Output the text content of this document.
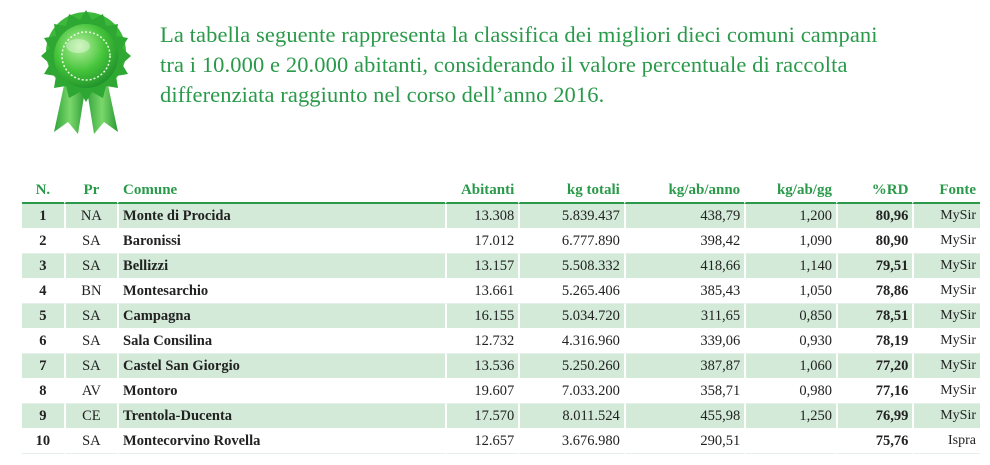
La tabella seguente rappresenta la classifica dei migliori dieci comuni campani
tra i 10.000 e 20.000 abitanti, considerando il valore percentuale di raccolta
differenziata raggiunto nel corso dell’anno 2016.
N.	Pr	Comune	Abitanti	kg totali	kg/ab/anno	kg/ab/gg	%RD	Fonte
1	NA	Monte di Procida	13.308	5.839.437	438,79	1,200	80,96	MySir
2	SA	Baronissi	17.012	6.777.890	398,42	1,090	80,90	MySir
3	SA	Bellizzi	13.157	5.508.332	418,66	1,140	79,51	MySir
4	BN	Montesarchio	13.661	5.265.406	385,43	1,050	78,86	MySir
5	SA	Campagna	16.155	5.034.720	311,65	0,850	78,51	MySir
6	SA	Sala Consilina	12.732	4.316.960	339,06	0,930	78,19	MySir
7	SA	Castel San Giorgio	13.536	5.250.260	387,87	1,060	77,20	MySir
8	AV	Montoro	19.607	7.033.200	358,71	0,980	77,16	MySir
9	CE	Trentola-Ducenta	17.570	8.011.524	455,98	1,250	76,99	MySir
10	SA	Montecorvino Rovella	12.657	3.676.980	290,51		75,76	Ispra
